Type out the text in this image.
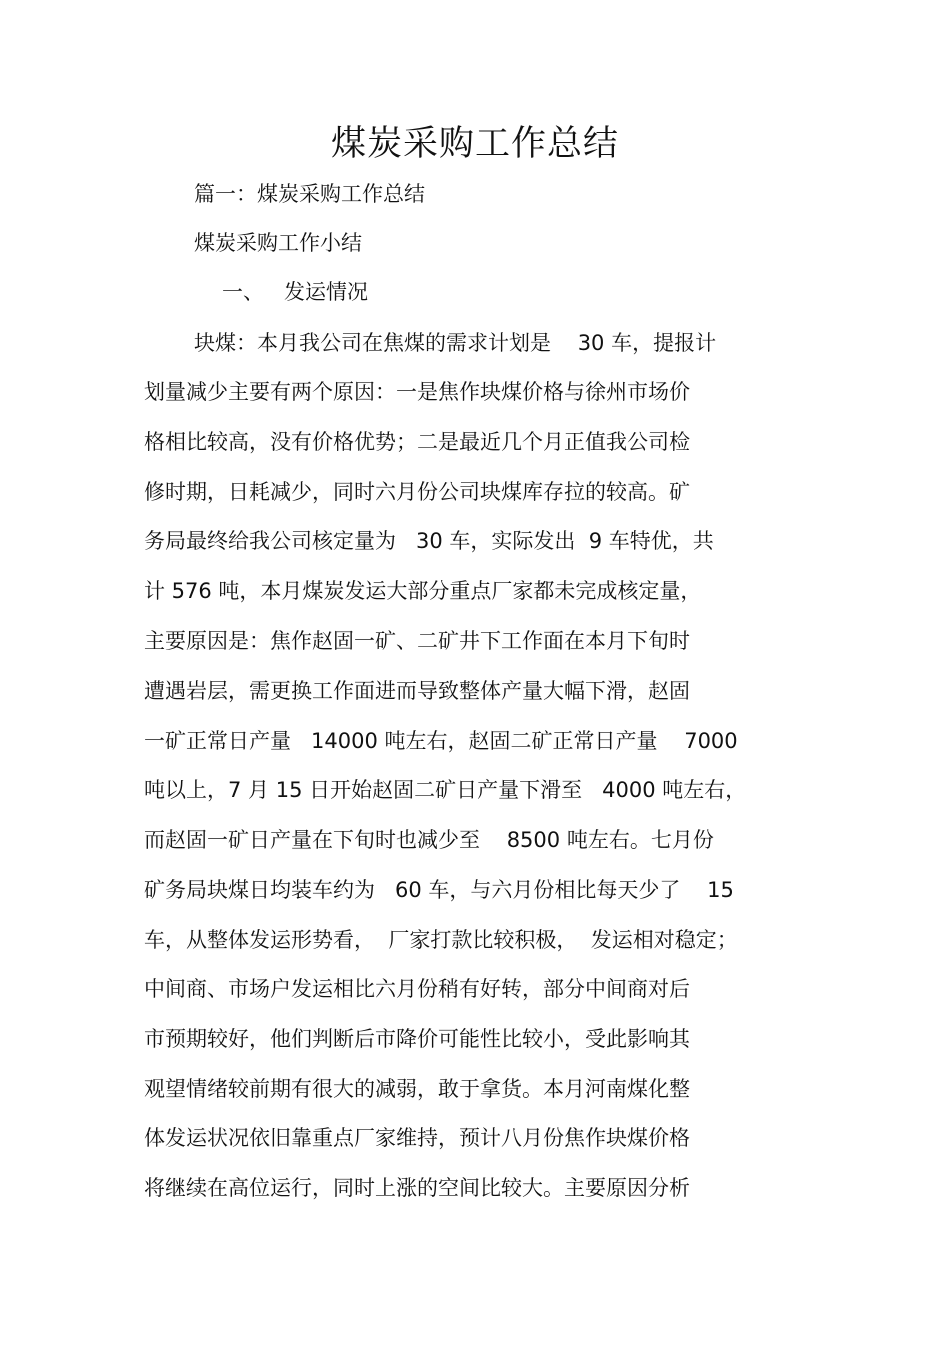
煤炭采购工作总结

篇一：煤炭采购工作总结

煤炭采购工作小结

一、   发运情况

块煤：本月我公司在焦煤的需求计划是    30 车，提报计

划量减少主要有两个原因：一是焦作块煤价格与徐州市场价

格相比较高，没有价格优势；二是最近几个月正值我公司检

修时期，日耗减少，同时六月份公司块煤库存拉的较高。矿

务局最终给我公司核定量为   30 车，实际发出  9 车特优，共

计 576 吨，本月煤炭发运大部分重点厂家都未完成核定量，

主要原因是：焦作赵固一矿、二矿井下工作面在本月下旬时

遭遇岩层，需更换工作面进而导致整体产量大幅下滑，赵固

一矿正常日产量   14000 吨左右，赵固二矿正常日产量    7000

吨以上，7 月 15 日开始赵固二矿日产量下滑至   4000 吨左右，

而赵固一矿日产量在下旬时也减少至    8500 吨左右。七月份

矿务局块煤日均装车约为   60 车，与六月份相比每天少了    15

车，从整体发运形势看，  厂家打款比较积极，  发运相对稳定；

中间商、市场户发运相比六月份稍有好转，部分中间商对后

市预期较好，他们判断后市降价可能性比较小，受此影响其

观望情绪较前期有很大的减弱，敢于拿货。本月河南煤化整

体发运状况依旧靠重点厂家维持，预计八月份焦作块煤价格

将继续在高位运行，同时上涨的空间比较大。主要原因分析
